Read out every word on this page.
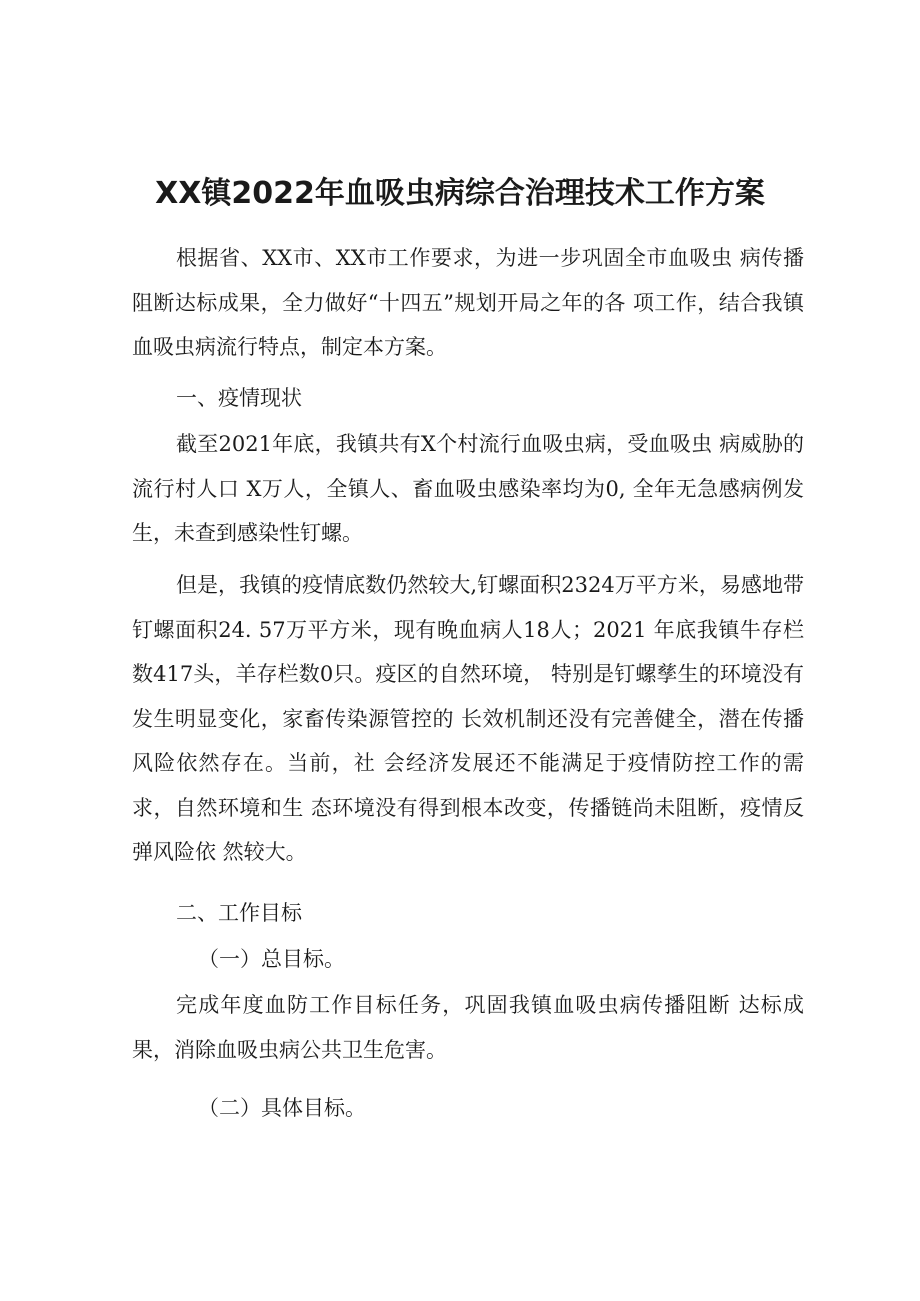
XX镇2022年血吸虫病综合治理技术工作方案

根据省、XX市、XX市工作要求，为进一步巩固全市血吸虫 病传播阻断达标成果，全力做好“十四五”规划开局之年的各 项工作，结合我镇血吸虫病流行特点，制定本方案。

一、疫情现状

截至2021年底，我镇共有X个村流行血吸虫病，受血吸虫 病威胁的流行村人口 X万人，全镇人、畜血吸虫感染率均为0, 全年无急感病例发生，未查到感染性钉螺。

但是，我镇的疫情底数仍然较大,钉螺面积2324万平方米，易感地带钉螺面积24. 57万平方米，现有晚血病人18人；2021 年底我镇牛存栏数417头，羊存栏数0只。疫区的自然环境， 特别是钉螺孳生的环境没有发生明显变化，家畜传染源管控的 长效机制还没有完善健全，潜在传播风险依然存在。当前，社 会经济发展还不能满足于疫情防控工作的需求，自然环境和生 态环境没有得到根本改变，传播链尚未阻断，疫情反弹风险依 然较大。

二、工作目标

（一）总目标。

完成年度血防工作目标任务，巩固我镇血吸虫病传播阻断 达标成果，消除血吸虫病公共卫生危害。

（二）具体目标。
